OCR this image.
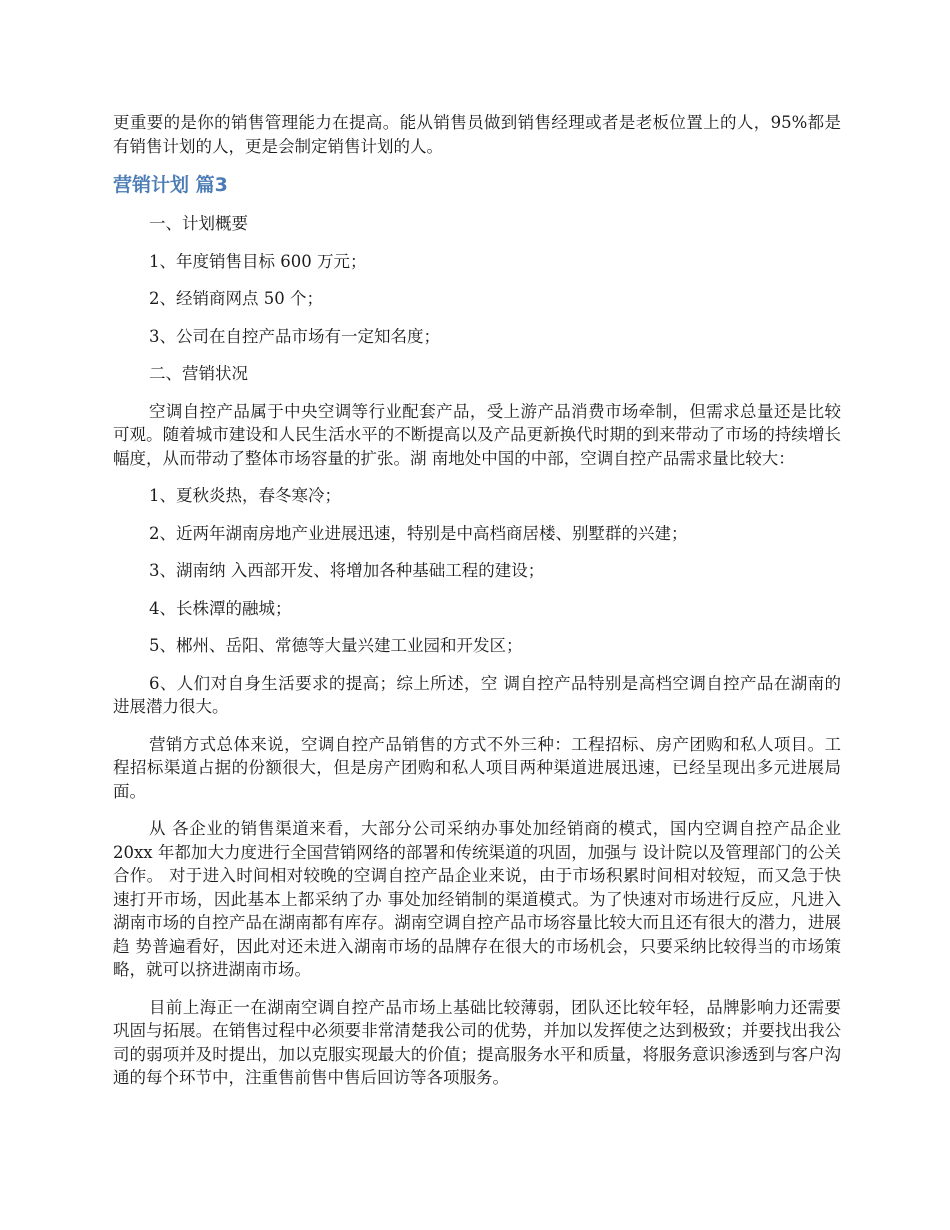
更重要的是你的销售管理能力在提高。能从销售员做到销售经理或者是老板位置上的人，95%都是有销售计划的人，更是会制定销售计划的人。

营销计划 篇3

一、计划概要

1、年度销售目标 600 万元；

2、经销商网点 50 个；

3、公司在自控产品市场有一定知名度；

二、营销状况

空调自控产品属于中央空调等行业配套产品，受上游产品消费市场牵制，但需求总量还是比较可观。随着城市建设和人民生活水平的不断提高以及产品更新换代时期的到来带动了市场的持续增长幅度，从而带动了整体市场容量的扩张。湖 南地处中国的中部，空调自控产品需求量比较大：

1、夏秋炎热，春冬寒冷；

2、近两年湖南房地产业进展迅速，特别是中高档商居楼、别墅群的兴建；

3、湖南纳 入西部开发、将增加各种基础工程的建设；

4、长株潭的融城；

5、郴州、岳阳、常德等大量兴建工业园和开发区；

6、人们对自身生活要求的提高；综上所述，空 调自控产品特别是高档空调自控产品在湖南的进展潜力很大。

营销方式总体来说，空调自控产品销售的方式不外三种：工程招标、房产团购和私人项目。工程招标渠道占据的份额很大，但是房产团购和私人项目两种渠道进展迅速，已经呈现出多元进展局面。

从 各企业的销售渠道来看，大部分公司采纳办事处加经销商的模式，国内空调自控产品企业 20xx 年都加大力度进行全国营销网络的部署和传统渠道的巩固，加强与 设计院以及管理部门的公关合作。 对于进入时间相对较晚的空调自控产品企业来说，由于市场积累时间相对较短，而又急于快速打开市场，因此基本上都采纳了办 事处加经销制的渠道模式。为了快速对市场进行反应，凡进入湖南市场的自控产品在湖南都有库存。湖南空调自控产品市场容量比较大而且还有很大的潜力，进展趋 势普遍看好，因此对还未进入湖南市场的品牌存在很大的市场机会，只要采纳比较得当的市场策略，就可以挤进湖南市场。

目前上海正一在湖南空调自控产品市场上基础比较薄弱，团队还比较年轻，品牌影响力还需要巩固与拓展。在销售过程中必须要非常清楚我公司的优势，并加以发挥使之达到极致；并要找出我公司的弱项并及时提出，加以克服实现最大的价值；提高服务水平和质量，将服务意识渗透到与客户沟通的每个环节中，注重售前售中售后回访等各项服务。
